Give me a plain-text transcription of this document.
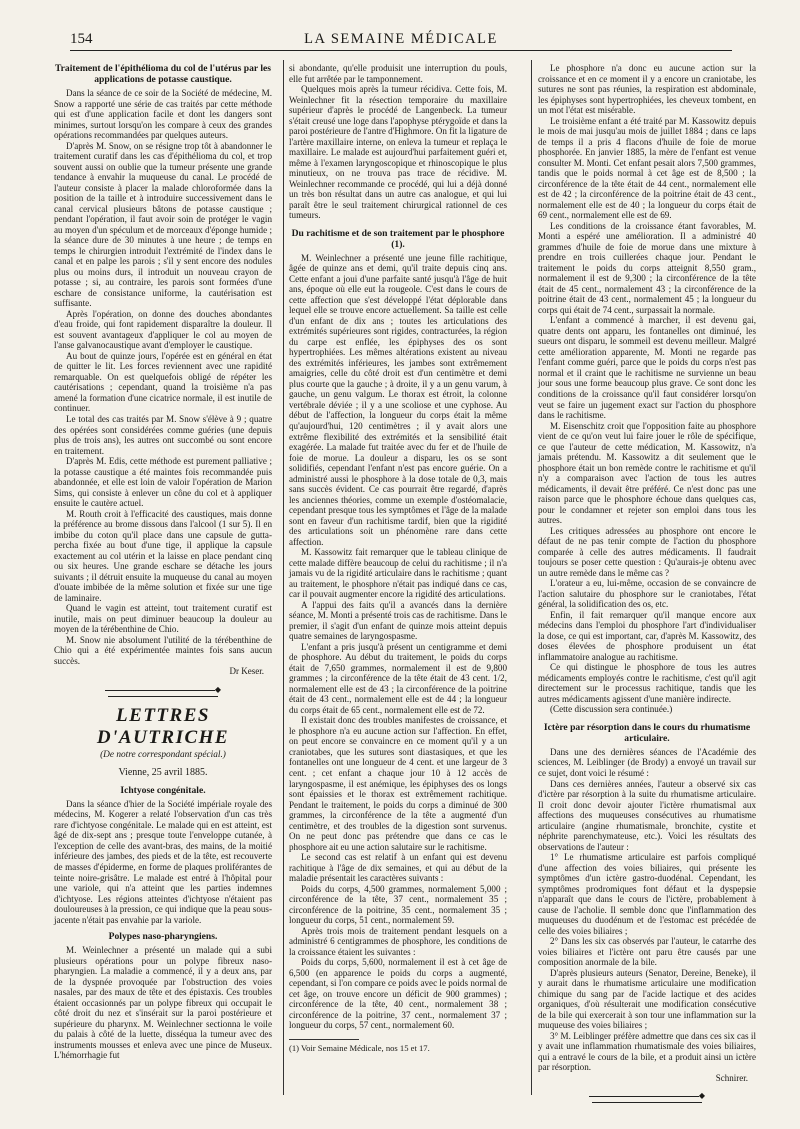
154	LA SEMAINE MÉDICALE
Traitement de l'épithélioma du col de l'utérus par les applications de potasse caustique.

Dans la séance de ce soir de la Société de médecine, M. Snow a rapporté une série de cas traités par cette méthode qui est d'une application facile et dont les dangers sont minimes, surtout lorsqu'on les compare à ceux des grandes opérations recommandées par quelques auteurs.

D'après M. Snow, on se résigne trop tôt à abandonner le traitement curatif dans les cas d'épithélioma du col, et trop souvent aussi on oublie que la tumeur présente une grande tendance à envahir la muqueuse du canal. Le procédé de l'auteur consiste à placer la malade chloroformée dans la position de la taille et à introduire successivement dans le canal cervical plusieurs bâtons de potasse caustique ; pendant l'opération, il faut avoir soin de protéger le vagin au moyen d'un spéculum et de morceaux d'éponge humide ; la séance dure de 30 minutes à une heure ; de temps en temps le chirurgien introduit l'extrémité de l'index dans le canal et en palpe les parois ; s'il y sent encore des nodules plus ou moins durs, il introduit un nouveau crayon de potasse ; si, au contraire, les parois sont formées d'une eschare de consistance uniforme, la cautérisation est suffisante.

Après l'opération, on donne des douches abondantes d'eau froide, qui font rapidement disparaître la douleur. Il est souvent avantageux d'appliquer le col au moyen de l'anse galvanocaustique avant d'employer le caustique.

Au bout de quinze jours, l'opérée est en général en état de quitter le lit. Les forces reviennent avec une rapidité remarquable. On est quelquefois obligé de répéter les cautérisations ; cependant, quand la troisième n'a pas amené la formation d'une cicatrice normale, il est inutile de continuer.

Le total des cas traités par M. Snow s'élève à 9 ; quatre des opérées sont considérées comme guéries (une depuis plus de trois ans), les autres ont succombé ou sont encore en traitement.

D'après M. Edis, cette méthode est purement palliative ; la potasse caustique a été maintes fois recommandée puis abandonnée, et elle est loin de valoir l'opération de Marion Sims, qui consiste à enlever un cône du col et à appliquer ensuite le cautère actuel.

M. Routh croit à l'efficacité des caustiques, mais donne la préférence au brome dissous dans l'alcool (1 sur 5). Il en imbibe du coton qu'il place dans une capsule de gutta-percha fixée au bout d'une tige, il applique la capsule exactement au col utérin et la laisse en place pendant cinq ou six heures. Une grande eschare se détache les jours suivants ; il détruit ensuite la muqueuse du canal au moyen d'ouate imbibée de la même solution et fixée sur une tige de laminaire.

Quand le vagin est atteint, tout traitement curatif est inutile, mais on peut diminuer beaucoup la douleur au moyen de la térébenthine de Chio.

M. Snow nie absolument l'utilité de la térébenthine de Chio qui a été expérimentée maintes fois sans aucun succès.

Dr Keser.

◆
LETTRES D'AUTRICHE
(De notre correspondant spécial.)
Vienne, 25 avril 1885.
Ichtyose congénitale.

Dans la séance d'hier de la Société impériale royale des médecins, M. Kogerer a relaté l'observation d'un cas très rare d'ichtyose congénitale. Le malade qui en est atteint, est âgé de dix-sept ans ; presque toute l'enveloppe cutanée, à l'exception de celle des avant-bras, des mains, de la moitié inférieure des jambes, des pieds et de la tête, est recouverte de masses d'épiderme, en forme de plaques proliférantes de teinte noire-grisâtre. Le malade est entré à l'hôpital pour une variole, qui n'a atteint que les parties indemnes d'ichtyose. Les régions atteintes d'ichtyose n'étaient pas douloureuses à la pression, ce qui indique que la peau sous-jacente n'était pas envahie par la variole.

Polypes naso-pharyngiens.

M. Weinlechner a présenté un malade qui a subi plusieurs opérations pour un polype fibreux naso-pharyngien. La maladie a commencé, il y a deux ans, par de la dyspnée provoquée par l'obstruction des voies nasales, par des maux de tête et des épistaxis. Ces troubles étaient occasionnés par un polype fibreux qui occupait le côté droit du nez et s'insérait sur la paroi postérieure et supérieure du pharynx. M. Weinlechner sectionna le voile du palais à côté de la luette, disséqua la tumeur avec des instruments mousses et enleva avec une pince de Museux. L'hémorrhagie fut

si abondante, qu'elle produisit une interruption du pouls, elle fut arrêtée par le tamponnement.

Quelques mois après la tumeur récidiva. Cette fois, M. Weinlechner fit la résection temporaire du maxillaire supérieur d'après le procédé de Langenbeck. La tumeur s'était creusé une loge dans l'apophyse ptérygoïde et dans la paroi postérieure de l'antre d'Highmore. On fit la ligature de l'artère maxillaire interne, on enleva la tumeur et replaça le maxillaire. Le malade est aujourd'hui parfaitement guéri et, même à l'examen laryngoscopique et rhinoscopique le plus minutieux, on ne trouva pas trace de récidive. M. Weinlechner recommande ce procédé, qui lui a déjà donné un très bon résultat dans un autre cas analogue, et qui lui paraît être le seul traitement chirurgical rationnel de ces tumeurs.

Du rachitisme et de son traitement par le phosphore (1).

M. Weinlechner a présenté une jeune fille rachitique, âgée de quinze ans et demi, qu'il traite depuis cinq ans. Cette enfant a joui d'une parfaite santé jusqu'à l'âge de huit ans, époque où elle eut la rougeole. C'est dans le cours de cette affection que s'est développé l'état déplorable dans lequel elle se trouve encore actuellement. Sa taille est celle d'un enfant de dix ans ; toutes les articulations des extrémités supérieures sont rigides, contracturées, la région du carpe est enflée, les épiphyses des os sont hypertrophiées. Les mêmes altérations existent au niveau des extrémités inférieures, les jambes sont extrêmement amaigries, celle du côté droit est d'un centimètre et demi plus courte que la gauche ; à droite, il y a un genu varum, à gauche, un genu valgum. Le thorax est étroit, la colonne vertébrale déviée ; il y a une scoliose et une cyphose. Au début de l'affection, la longueur du corps était la même qu'aujourd'hui, 120 centimètres ; il y avait alors une extrême flexibilité des extrémités et la sensibilité était exagérée. La malade fut traitée avec du fer et de l'huile de foie de morue. La douleur a disparu, les os se sont solidifiés, cependant l'enfant n'est pas encore guérie. On a administré aussi le phosphore à la dose totale de 0,3, mais sans succès évident. Ce cas pourrait être regardé, d'après les anciennes théories, comme un exemple d'ostéomalacie, cependant presque tous les symptômes et l'âge de la malade sont en faveur d'un rachitisme tardif, bien que la rigidité des articulations soit un phénomène rare dans cette affection.

M. Kassowitz fait remarquer que le tableau clinique de cette malade diffère beaucoup de celui du rachitisme ; il n'a jamais vu de la rigidité articulaire dans le rachitisme ; quant au traitement, le phosphore n'était pas indiqué dans ce cas, car il pouvait augmenter encore la rigidité des articulations.

A l'appui des faits qu'il a avancés dans la dernière séance, M. Monti a présenté trois cas de rachitisme. Dans le premier, il s'agit d'un enfant de quinze mois atteint depuis quatre semaines de laryngospasme.

L'enfant a pris jusqu'à présent un centigramme et demi de phosphore. Au début du traitement, le poids du corps était de 7,650 grammes, normalement il est de 9,800 grammes ; la circonférence de la tête était de 43 cent. 1/2, normalement elle est de 43 ; la circonférence de la poitrine était de 43 cent., normalement elle est de 44 ; la longueur du corps était de 65 cent., normalement elle est de 72.

Il existait donc des troubles manifestes de croissance, et le phosphore n'a eu aucune action sur l'affection. En effet, on peut encore se convaincre en ce moment qu'il y a un craniotabes, que les sutures sont diastasiques, et que les fontanelles ont une longueur de 4 cent. et une largeur de 3 cent. ; cet enfant a chaque jour 10 à 12 accès de laryngospasme, il est anémique, les épiphyses des os longs sont épaissies et le thorax est extrêmement rachitique. Pendant le traitement, le poids du corps a diminué de 300 grammes, la circonférence de la tête a augmenté d'un centimètre, et des troubles de la digestion sont survenus. On ne peut donc pas prétendre que dans ce cas le phosphore ait eu une action salutaire sur le rachitisme.

Le second cas est relatif à un enfant qui est devenu rachitique à l'âge de dix semaines, et qui au début de la maladie présentait les caractères suivants :

Poids du corps, 4,500 grammes, normalement 5,000 ; circonférence de la tête, 37 cent., normalement 35 ; circonférence de la poitrine, 35 cent., normalement 35 ; longueur du corps, 51 cent., normalement 59.

Après trois mois de traitement pendant lesquels on a administré 6 centigrammes de phosphore, les conditions de la croissance étaient les suivantes :

Poids du corps, 5,600, normalement il est à cet âge de 6,500 (en apparence le poids du corps a augmenté, cependant, si l'on compare ce poids avec le poids normal de cet âge, on trouve encore un déficit de 900 grammes) ; circonférence de la tête, 40 cent., normalement 38 ; circonférence de la poitrine, 37 cent., normalement 37 ; longueur du corps, 57 cent., normalement 60.

(1) Voir Semaine Médicale, nos 15 et 17.

Le phosphore n'a donc eu aucune action sur la croissance et en ce moment il y a encore un craniotabe, les sutures ne sont pas réunies, la respiration est abdominale, les épiphyses sont hypertrophiées, les cheveux tombent, en un mot l'état est misérable.

Le troisième enfant a été traité par M. Kassowitz depuis le mois de mai jusqu'au mois de juillet 1884 ; dans ce laps de temps il a pris 4 flacons d'huile de foie de morue phosphorée. En janvier 1885, la mère de l'enfant est venue consulter M. Monti. Cet enfant pesait alors 7,500 grammes, tandis que le poids normal à cet âge est de 8,500 ; la circonférence de la tête était de 44 cent., normalement elle est de 42 ; la circonférence de la poitrine était de 43 cent., normalement elle est de 40 ; la longueur du corps était de 69 cent., normalement elle est de 69.

Les conditions de la croissance étant favorables, M. Monti a espéré une amélioration. Il a administré 40 grammes d'huile de foie de morue dans une mixture à prendre en trois cuillerées chaque jour. Pendant le traitement le poids du corps atteignit 8,550 gram., normalement il est de 9,300 ; la circonférence de la tête était de 45 cent., normalement 43 ; la circonférence de la poitrine était de 43 cent., normalement 45 ; la longueur du corps qui était de 74 cent., surpassait la normale.

L'enfant a commencé à marcher, il est devenu gai, quatre dents ont apparu, les fontanelles ont diminué, les sueurs ont disparu, le sommeil est devenu meilleur. Malgré cette amélioration apparente, M. Monti ne regarde pas l'enfant comme guéri, parce que le poids du corps n'est pas normal et il craint que le rachitisme ne survienne un beau jour sous une forme beaucoup plus grave. Ce sont donc les conditions de la croissance qu'il faut considérer lorsqu'on veut se faire un jugement exact sur l'action du phosphore dans le rachitisme.

M. Eisenschitz croit que l'opposition faite au phosphore vient de ce qu'on veut lui faire jouer le rôle de spécifique, ce que l'auteur de cette médication, M. Kassowitz, n'a jamais prétendu. M. Kassowitz a dit seulement que le phosphore était un bon remède contre le rachitisme et qu'il n'y a comparaison avec l'action de tous les autres médicaments, il devait être préféré. Ce n'est donc pas une raison parce que le phosphore échoue dans quelques cas, pour le condamner et rejeter son emploi dans tous les autres.

Les critiques adressées au phosphore ont encore le défaut de ne pas tenir compte de l'action du phosphore comparée à celle des autres médicaments. Il faudrait toujours se poser cette question : Qu'aurais-je obtenu avec un autre remède dans le même cas ?

L'orateur a eu, lui-même, occasion de se convaincre de l'action salutaire du phosphore sur le craniotabes, l'état général, la solidification des os, etc.

Enfin, il fait remarquer qu'il manque encore aux médecins dans l'emploi du phosphore l'art d'individualiser la dose, ce qui est important, car, d'après M. Kassowitz, des doses élevées de phosphore produisent un état inflammatoire analogue au rachitisme.

Ce qui distingue le phosphore de tous les autres médicaments employés contre le rachitisme, c'est qu'il agit directement sur le processus rachitique, tandis que les autres médicaments agissent d'une manière indirecte.

(Cette discussion sera continuée.)

Ictère par résorption dans le cours du rhumatisme articulaire.

Dans une des dernières séances de l'Académie des sciences, M. Leiblinger (de Brody) a envoyé un travail sur ce sujet, dont voici le résumé :

Dans ces dernières années, l'auteur a observé six cas d'ictère par résorption à la suite du rhumatisme articulaire. Il croit donc devoir ajouter l'ictère rhumatismal aux affections des muqueuses consécutives au rhumatisme articulaire (angine rhumatismale, bronchite, cystite et néphrite parenchymateuse, etc.). Voici les résultats des observations de l'auteur :

1° Le rhumatisme articulaire est parfois compliqué d'une affection des voies biliaires, qui présente les symptômes d'un ictère gastro-duodénal. Cependant, les symptômes prodromiques font défaut et la dyspepsie n'apparaît que dans le cours de l'ictère, probablement à cause de l'acholie. Il semble donc que l'inflammation des muqueuses du duodénum et de l'estomac est précédée de celle des voies biliaires ;

2° Dans les six cas observés par l'auteur, le catarrhe des voies biliaires et l'ictère ont paru être causés par une composition anormale de la bile.

D'après plusieurs auteurs (Senator, Dereine, Beneke), il y aurait dans le rhumatisme articulaire une modification chimique du sang par de l'acide lactique et des acides organiques, d'où résulterait une modification consécutive de la bile qui exercerait à son tour une inflammation sur la muqueuse des voies biliaires ;

3° M. Leiblinger préfère admettre que dans ces six cas il y avait une inflammation rhumatismale des voies biliaires, qui a entravé le cours de la bile, et a produit ainsi un ictère par résorption.

Schnirer.

◆
